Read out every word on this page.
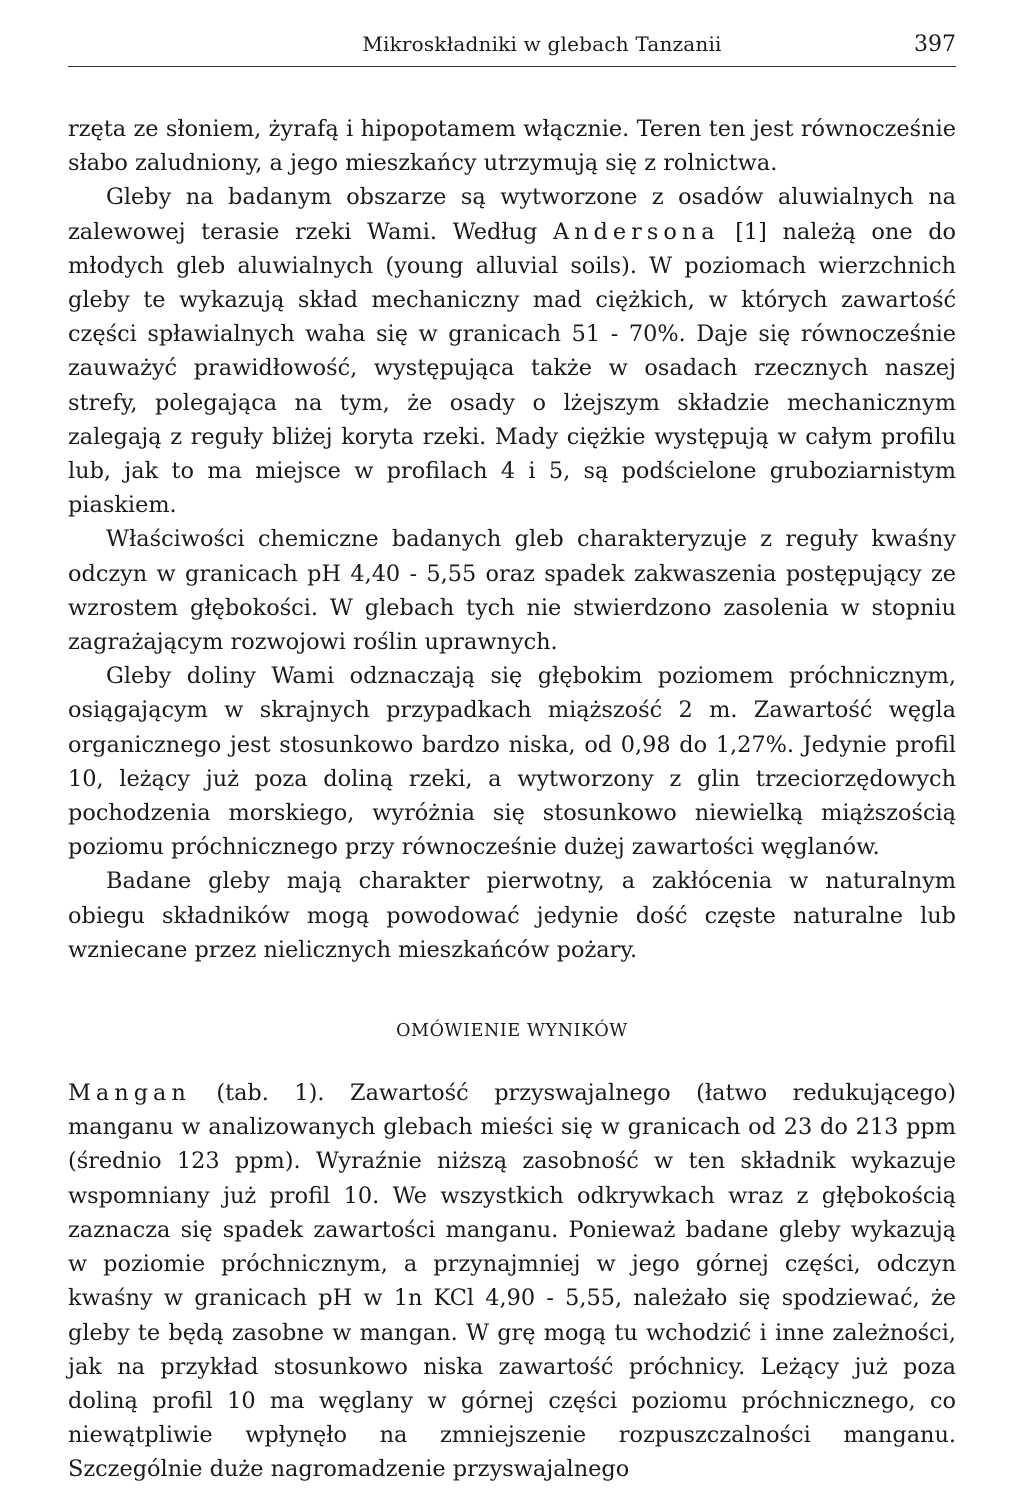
Mikroskładniki w glebach Tanzanii	397

rzęta ze słoniem, żyrafą i hipopotamem włącznie. Teren ten jest równocześnie słabo zaludniony, a jego mieszkańcy utrzymują się z rolnictwa.

Gleby na badanym obszarze są wytworzone z osadów aluwialnych na zalewowej terasie rzeki Wami. Według Andersona [1] należą one do młodych gleb aluwialnych (young alluvial soils). W poziomach wierzchnich gleby te wykazują skład mechaniczny mad ciężkich, w których zawartość części spławialnych waha się w granicach 51 - 70%. Daje się równocześnie zauważyć prawidłowość, występująca także w osadach rzecznych naszej strefy, polegająca na tym, że osady o lżejszym składzie mechanicznym zalegają z reguły bliżej koryta rzeki. Mady ciężkie występują w całym profilu lub, jak to ma miejsce w profilach 4 i 5, są podścielone gruboziarnistym piaskiem.

Właściwości chemiczne badanych gleb charakteryzuje z reguły kwaśny odczyn w granicach pH 4,40 - 5,55 oraz spadek zakwaszenia postępujący ze wzrostem głębokości. W glebach tych nie stwierdzono zasolenia w stopniu zagrażającym rozwojowi roślin uprawnych.

Gleby doliny Wami odznaczają się głębokim poziomem próchnicznym, osiągającym w skrajnych przypadkach miąższość 2 m. Zawartość węgla organicznego jest stosunkowo bardzo niska, od 0,98 do 1,27%. Jedynie profil 10, leżący już poza doliną rzeki, a wytworzony z glin trzeciorzędowych pochodzenia morskiego, wyróżnia się stosunkowo niewielką miąższością poziomu próchnicznego przy równocześnie dużej zawartości węglanów.

Badane gleby mają charakter pierwotny, a zakłócenia w naturalnym obiegu składników mogą powodować jedynie dość częste naturalne lub wzniecane przez nielicznych mieszkańców pożary.

OMÓWIENIE WYNIKÓW

Mangan (tab. 1). Zawartość przyswajalnego (łatwo redukującego) manganu w analizowanych glebach mieści się w granicach od 23 do 213 ppm (średnio 123 ppm). Wyraźnie niższą zasobność w ten składnik wykazuje wspomniany już profil 10. We wszystkich odkrywkach wraz z głębokością zaznacza się spadek zawartości manganu. Ponieważ badane gleby wykazują w poziomie próchnicznym, a przynajmniej w jego górnej części, odczyn kwaśny w granicach pH w 1n KCl 4,90 - 5,55, należało się spodziewać, że gleby te będą zasobne w mangan. W grę mogą tu wchodzić i inne zależności, jak na przykład stosunkowo niska zawartość próchnicy. Leżący już poza doliną profil 10 ma węglany w górnej części poziomu próchnicznego, co niewątpliwie wpłynęło na zmniejszenie rozpuszczalności manganu. Szczególnie duże nagromadzenie przyswajalnego
